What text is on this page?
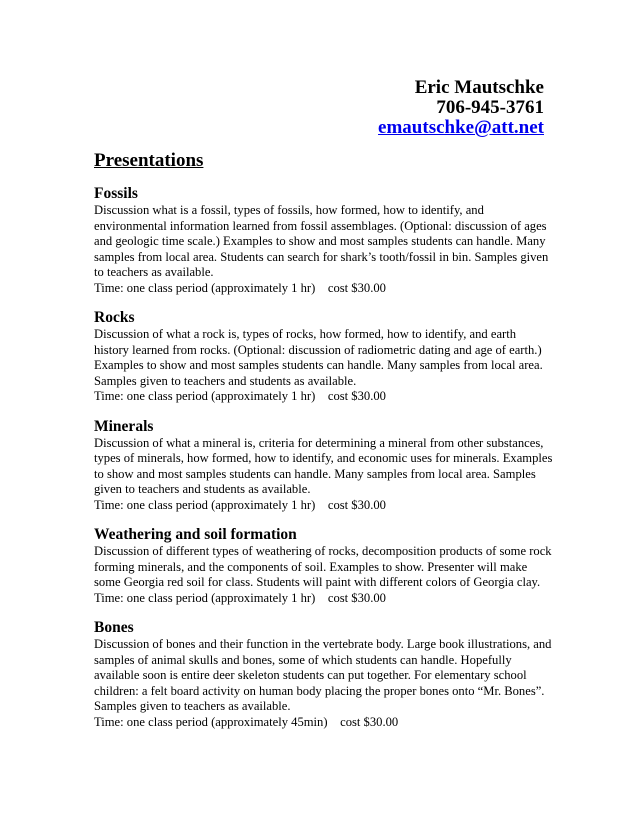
Eric Mautschke
706-945-3761
emautschke@att.net
Presentations
Fossils

Discussion what is a fossil, types of fossils, how formed, how to identify, and environmental information learned from fossil assemblages. (Optional: discussion of ages and geologic time scale.) Examples to show and most samples students can handle. Many samples from local area. Students can search for shark’s tooth/fossil in bin. Samples given to teachers as available.

Time: one class period (approximately 1 hr)    cost $30.00
Rocks

Discussion of what a rock is, types of rocks, how formed, how to identify, and earth history learned from rocks. (Optional: discussion of radiometric dating and age of earth.) Examples to show and most samples students can handle. Many samples from local area. Samples given to teachers and students as available.

Time: one class period (approximately 1 hr)    cost $30.00
Minerals

Discussion of what a mineral is, criteria for determining a mineral from other substances, types of minerals, how formed, how to identify, and economic uses for minerals. Examples to show and most samples students can handle. Many samples from local area. Samples given to teachers and students as available.

Time: one class period (approximately 1 hr)    cost $30.00
Weathering and soil formation

Discussion of different types of weathering of rocks, decomposition products of some rock forming minerals, and the components of soil. Examples to show. Presenter will make some Georgia red soil for class. Students will paint with different colors of Georgia clay.

Time: one class period (approximately 1 hr)    cost $30.00
Bones

Discussion of bones and their function in the vertebrate body. Large book illustrations, and samples of animal skulls and bones, some of which students can handle. Hopefully available soon is entire deer skeleton students can put together. For elementary school children: a felt board activity on human body placing the proper bones onto “Mr. Bones”. Samples given to teachers as available.

Time: one class period (approximately 45min)    cost $30.00
